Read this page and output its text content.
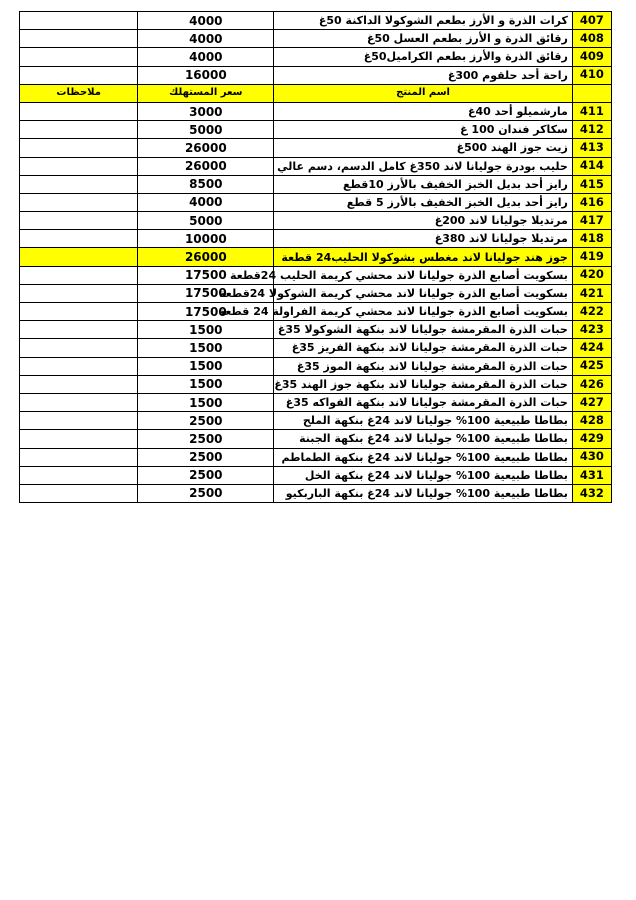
	4000	كرات الذرة و الأرز بطعم الشوكولا الداكنة 50غ	407
	4000	رقائق الذرة و الأرز بطعم العسل 50غ	408
	4000	رقائق الذرة والأرز بطعم الكراميل50غ	409
	16000	راحة أحد حلقوم 300غ	410
ملاحظات	سعر المستهلك	اسم المنتج	
	3000	مارشميلو أحد 40غ	411
	5000	سكاكر فندان 100 غ	412
	26000	زيت جوز الهند 500غ	413
	26000	حليب بودرة جوليانا لاند 350غ كامل الدسم، دسم عالي	414
	8500	رايز أحد بديل الخبز الخفيف بالأرز 10قطع	415
	4000	رايز أحد بديل الخبز الخفيف بالأرز 5 قطع	416
	5000	مرتديلا جوليانا لاند 200غ	417
	10000	مرتديلا جوليانا لاند 380غ	418
	26000	جوز هند جوليانا لاند مغطس بشوكولا الحليب24 قطعة	419
	17500	بسكويت أصابع الذرة جوليانا لاند محشي كريمة الحليب 24قطعة	420
	17500	بسكويت أصابع الذرة جوليانا لاند محشي كريمة الشوكولا 24قطعة	421
	17500	بسكويت أصابع الذرة جوليانا لاند محشي كريمة الفراولة 24 قطعة	422
	1500	حبات الذرة المقرمشة جوليانا لاند بنكهة الشوكولا 35غ	423
	1500	حبات الذرة المقرمشة جوليانا لاند بنكهة الفريز 35غ	424
	1500	حبات الذرة المقرمشة جوليانا لاند بنكهة الموز 35غ	425
	1500	حبات الذرة المقرمشة جوليانا لاند بنكهة جوز الهند 35غ	426
	1500	حبات الذرة المقرمشة جوليانا لاند بنكهة الفواكه 35غ	427
	2500	بطاطا طبيعية 100% جوليانا لاند 24غ بنكهة الملح	428
	2500	بطاطا طبيعية 100% جوليانا لاند 24غ بنكهة الجبنة	429
	2500	بطاطا طبيعية 100% جوليانا لاند 24غ بنكهة الطماطم	430
	2500	بطاطا طبيعية 100% جوليانا لاند 24غ بنكهة الخل	431
	2500	بطاطا طبيعية 100% جوليانا لاند 24غ بنكهة الباربكيو	432
